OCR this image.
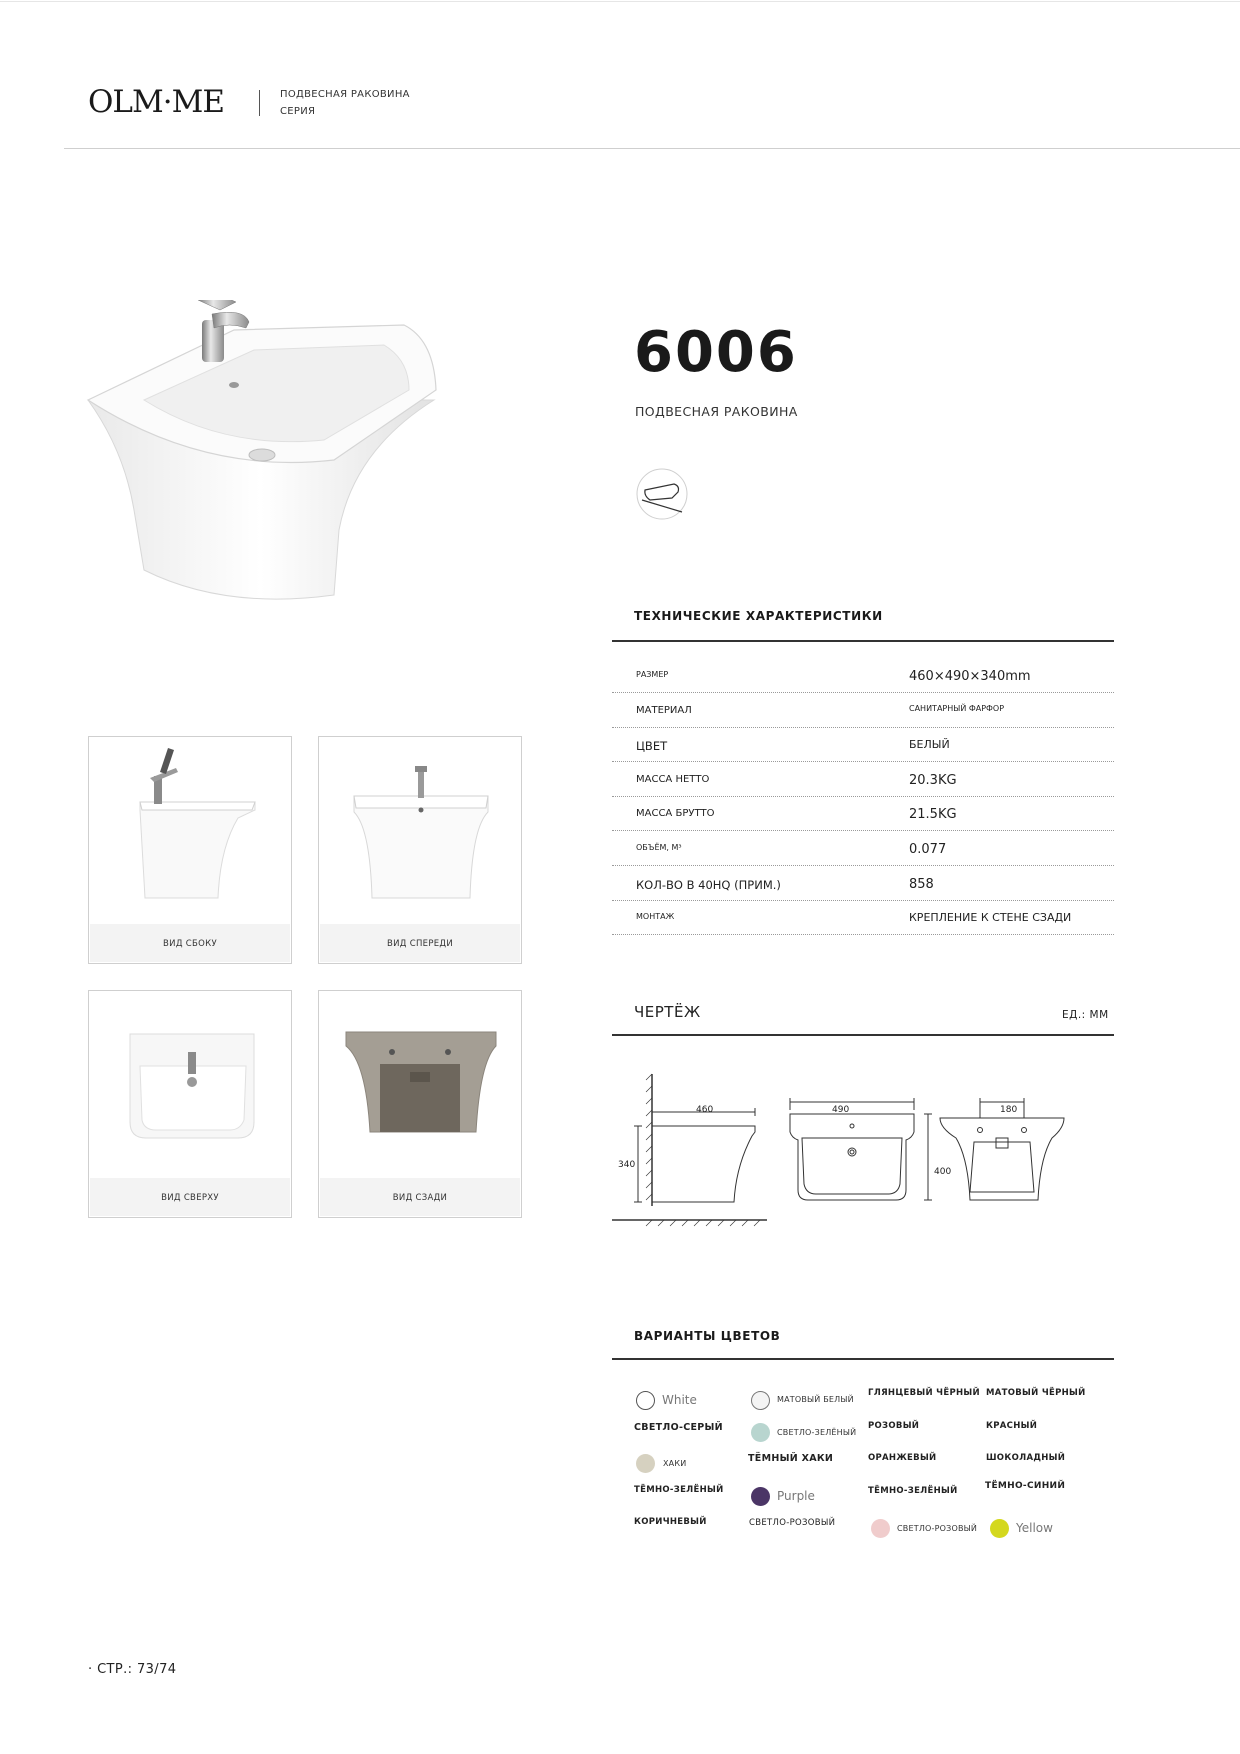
OLM·ME	ПОДВЕСНАЯ РАКОВИНА
СЕРИЯ
6006
ПОДВЕСНАЯ РАКОВИНА
ВИД СБОКУ	ВИД СПЕРЕДИ
ВИД СВЕРХУ	ВИД СЗАДИ
ТЕХНИЧЕСКИЕ ХАРАКТЕРИСТИКИ
РАЗМЕР	460×490×340mm
МАТЕРИАЛ	САНИТАРНЫЙ ФАРФОР
ЦВЕТ	БЕЛЫЙ
МАССА НЕТТО	20.3KG
МАССА БРУТТО	21.5KG
ОБЪЁМ, М³	0.077
КОЛ-ВО В 40HQ (ПРИМ.)	858
МОНТАЖ	КРЕПЛЕНИЕ К СТЕНЕ СЗАДИ
ЧЕРТЁЖ	ЕД.: ММ
460
340
490
400
180
ВАРИАНТЫ ЦВЕТОВ
White
СВЕТЛО-СЕРЫЙ
ХАКИ
ТЁМНО-ЗЕЛЁНЫЙ
КОРИЧНЕВЫЙ
МАТОВЫЙ БЕЛЫЙ
СВЕТЛО-ЗЕЛЁНЫЙ
ТЁМНЫЙ ХАКИ
Purple
СВЕТЛО-РОЗОВЫЙ
ГЛЯНЦЕВЫЙ ЧЁРНЫЙ
РОЗОВЫЙ
ОРАНЖЕВЫЙ
ТЁМНО-ЗЕЛЁНЫЙ
СВЕТЛО-РОЗОВЫЙ
МАТОВЫЙ ЧЁРНЫЙ
КРАСНЫЙ
ШОКОЛАДНЫЙ
ТЁМНО-СИНИЙ
Yellow
· СТР.: 73/74
